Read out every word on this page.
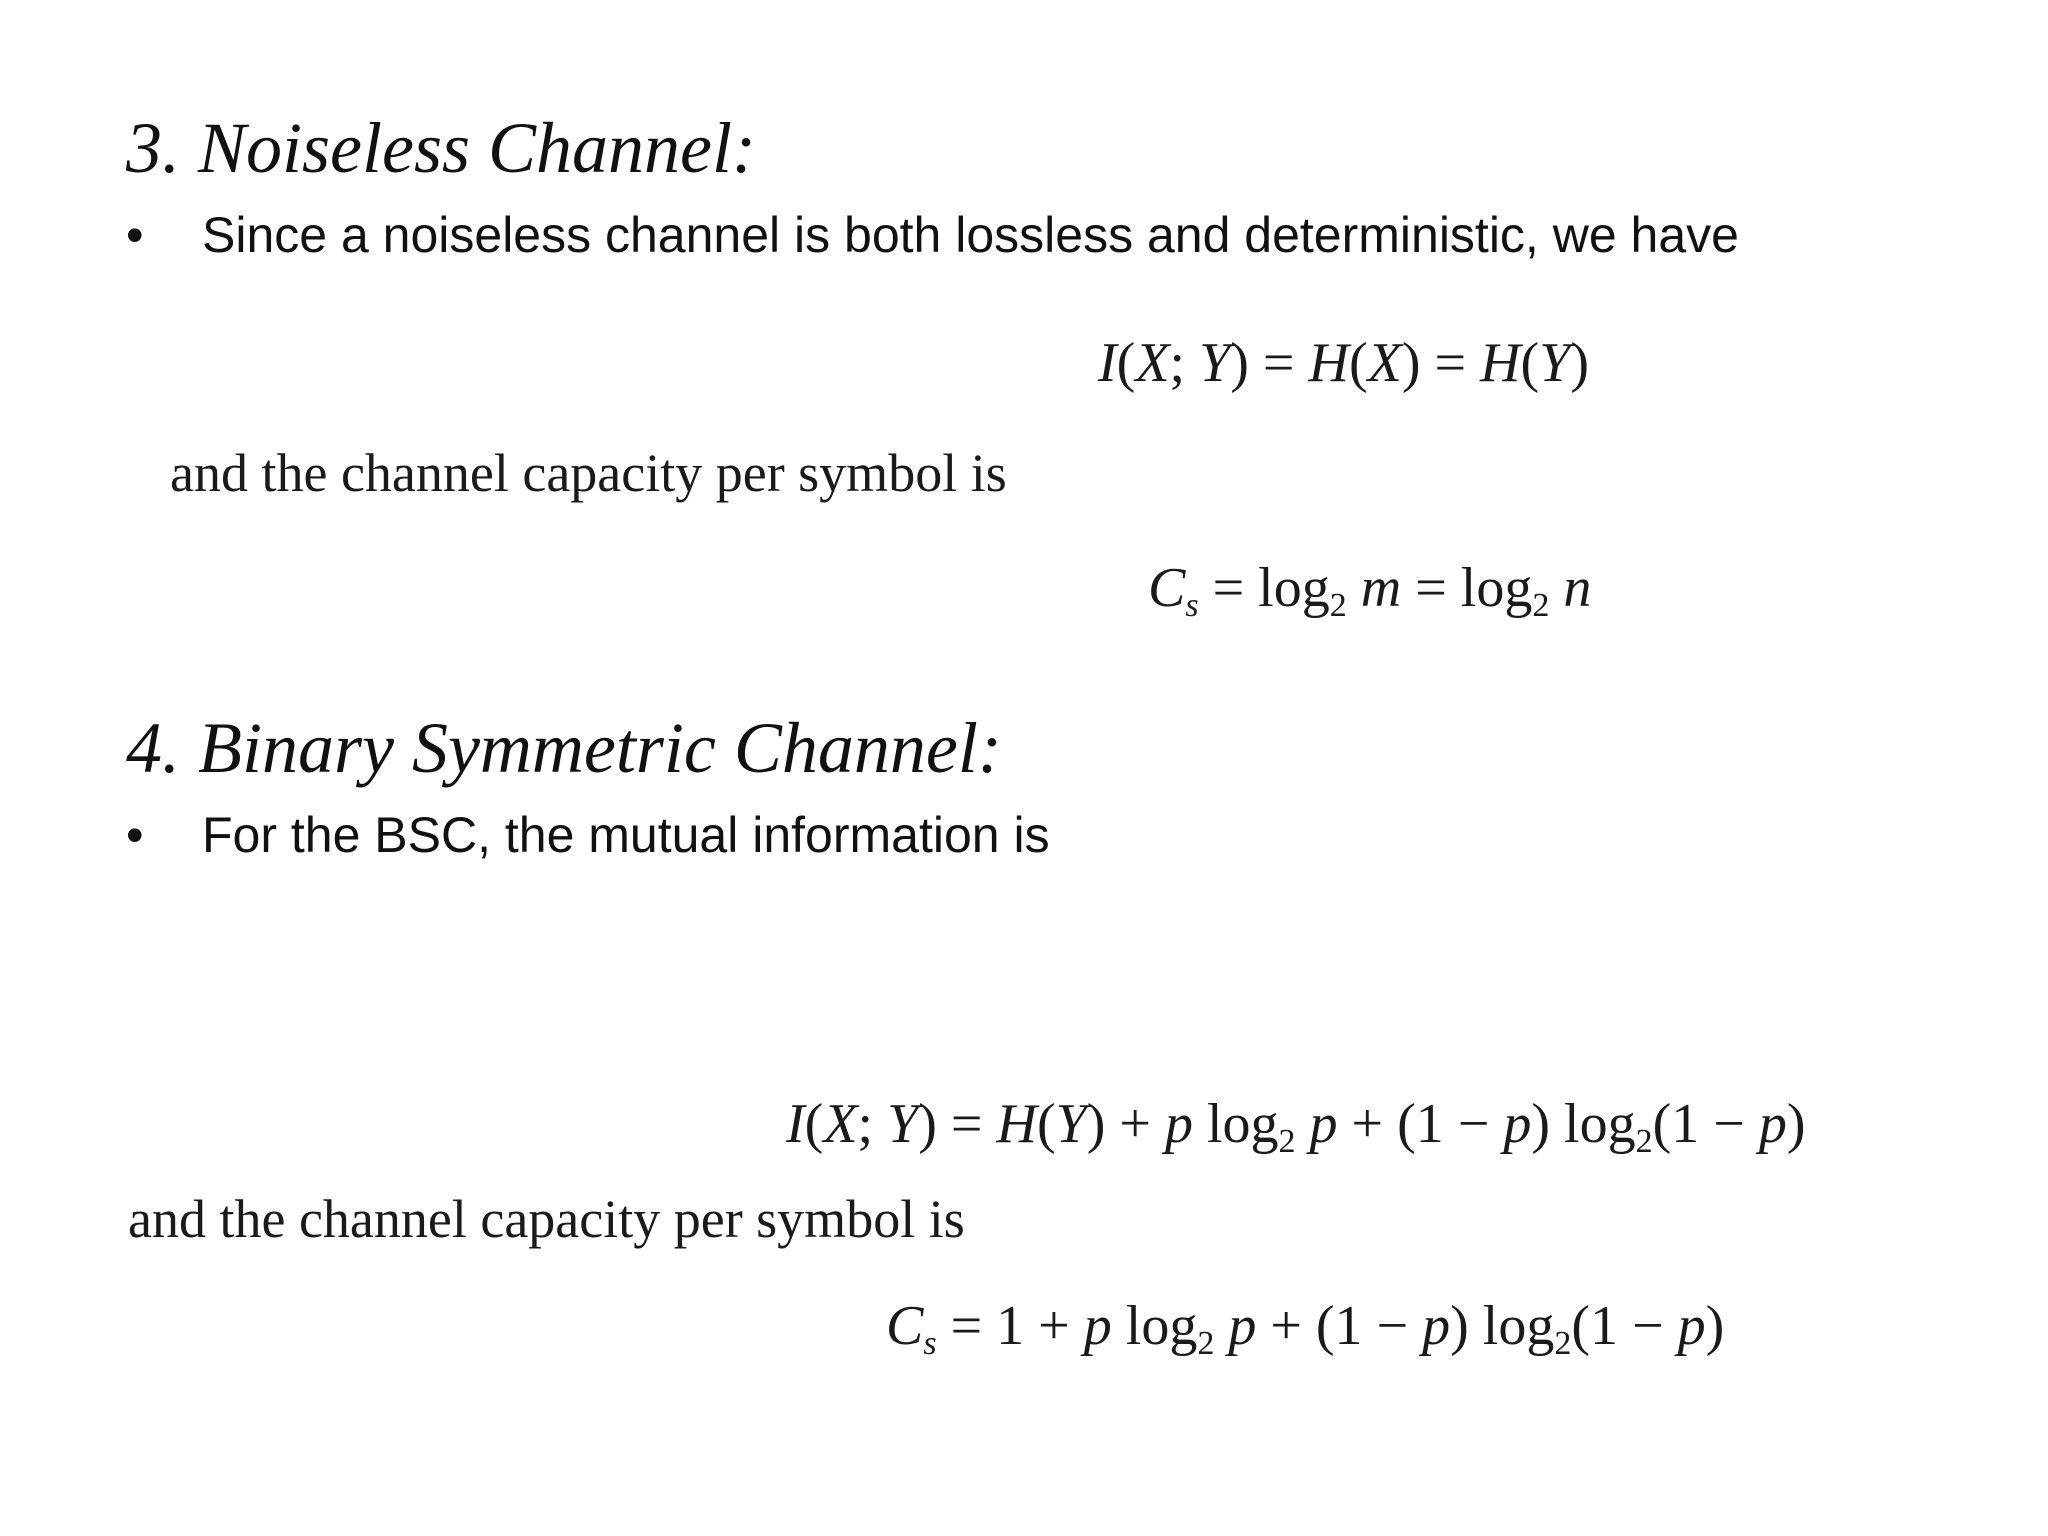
3. Noiseless Channel:
• Since a noiseless channel is both lossless and deterministic, we have
I(X; Y) = H(X) = H(Y)
and the channel capacity per symbol is
$C_s = \log_2 m = \log_2 n$
4. Binary Symmetric Channel:
• For the BSC, the mutual information is
I(X; Y) = H(Y) + p $\log_2 p + (1 - p) \log_2(1 - p)$
and the channel capacity per symbol is
$C_s = 1 + p$ $\log_2 p + (1 - p) \log_2(1 - p)$
